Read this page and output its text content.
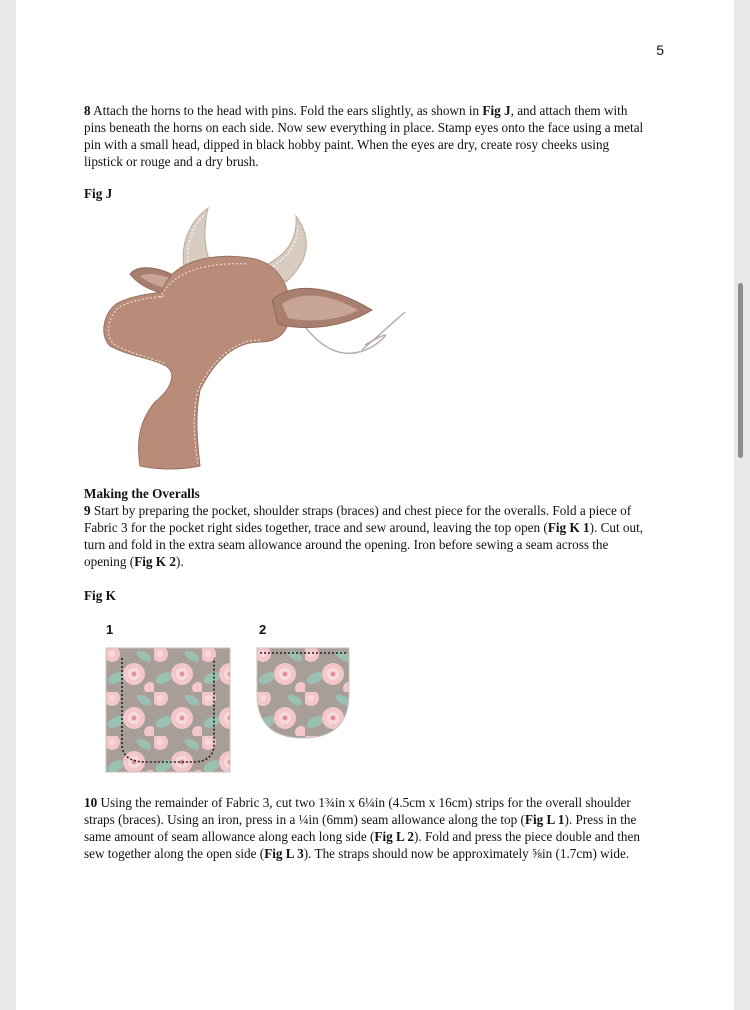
5

8 Attach the horns to the head with pins. Fold the ears slightly, as shown in Fig J, and attach them with pins beneath the horns on each side. Now sew everything in place. Stamp eyes onto the face using a metal pin with a small head, dipped in black hobby paint. When the eyes are dry, create rosy cheeks using lipstick or rouge and a dry brush.

Fig J
Making the Overalls

9 Start by preparing the pocket, shoulder straps (braces) and chest piece for the overalls. Fold a piece of Fabric 3 for the pocket right sides together, trace and sew around, leaving the top open (Fig K 1). Cut out, turn and fold in the extra seam allowance around the opening. Iron before sewing a seam across the opening (Fig K 2).

Fig K
1	2

10 Using the remainder of Fabric 3, cut two 1¾in x 6¼in (4.5cm x 16cm) strips for the overall shoulder straps (braces). Using an iron, press in a ¼in (6mm) seam allowance along the top (Fig L 1). Press in the same amount of seam allowance along each long side (Fig L 2). Fold and press the piece double and then sew together along the open side (Fig L 3). The straps should now be approximately ⅝in (1.7cm) wide.
